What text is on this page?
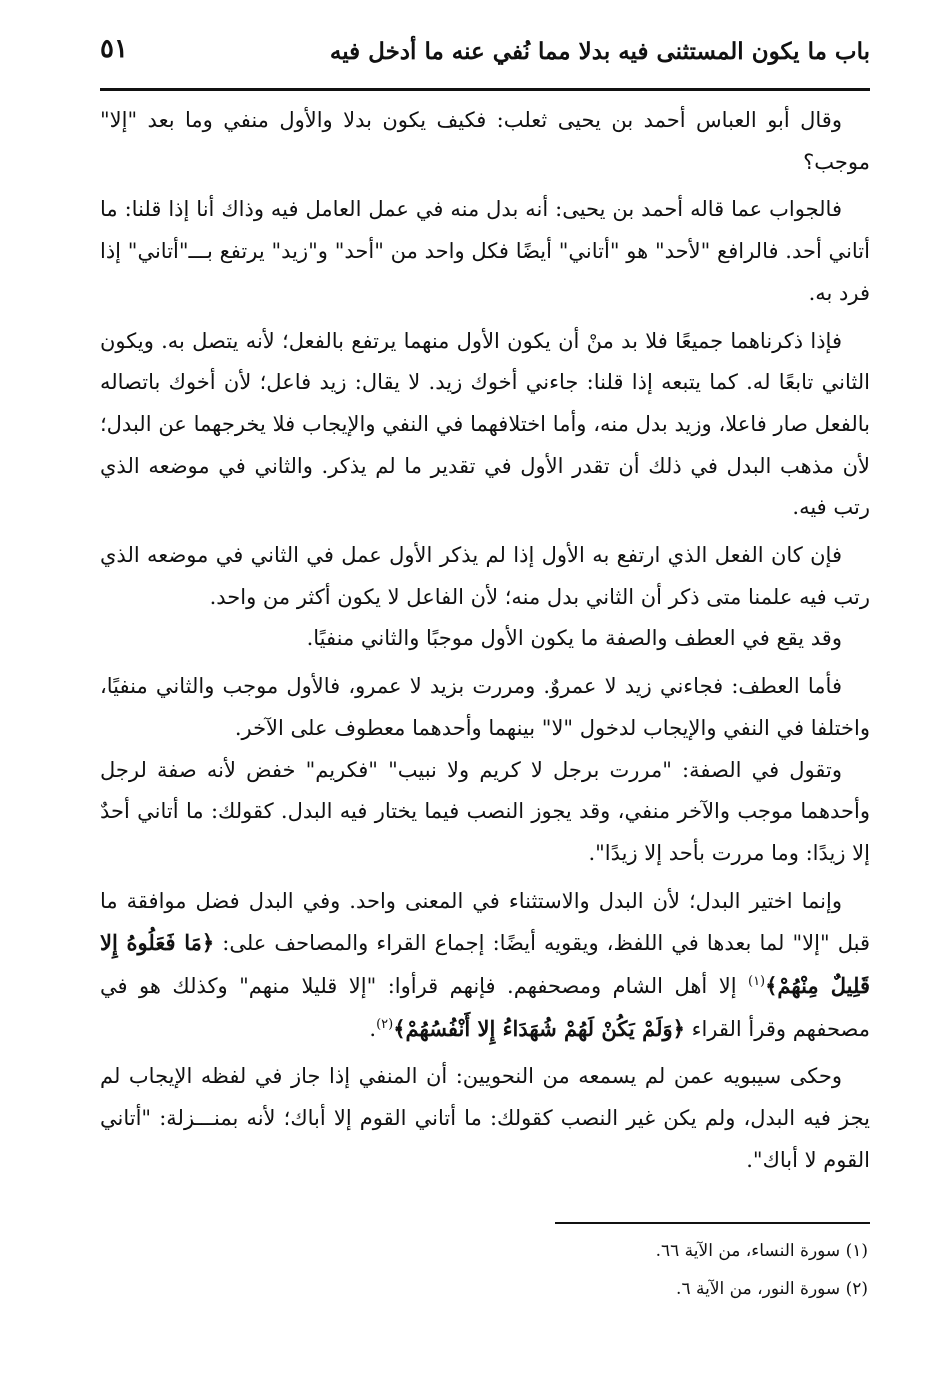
باب ما يكون المستثنى فيه بدلا مما نُفي عنه ما أدخل فيه
٥١

وقال أبو العباس أحمد بن يحيى ثعلب: فكيف يكون بدلا والأول منفي وما بعد "إلا" موجب؟

فالجواب عما قاله أحمد بن يحيى: أنه بدل منه في عمل العامل فيه وذاك أنا إذا قلنا: ما أتاني أحد. فالرافع "لأحد" هو "أتاني" أيضًا فكل واحد من "أحد" و"زيد" يرتفع بـــ"أتاني" إذا فرد به.

فإذا ذكرناهما جميعًا فلا بد منْ أن يكون الأول منهما يرتفع بالفعل؛ لأنه يتصل به. ويكون الثاني تابعًا له. كما يتبعه إذا قلنا: جاءني أخوك زيد. لا يقال: زيد فاعل؛ لأن أخوك باتصاله بالفعل صار فاعلا، وزيد بدل منه، وأما اختلافهما في النفي والإيجاب فلا يخرجهما عن البدل؛ لأن مذهب البدل في ذلك أن تقدر الأول في تقدير ما لم يذكر. والثاني في موضعه الذي رتب فيه.

فإن كان الفعل الذي ارتفع به الأول إذا لم يذكر الأول عمل في الثاني في موضعه الذي رتب فيه علمنا متى ذكر أن الثاني بدل منه؛ لأن الفاعل لا يكون أكثر من واحد.

وقد يقع في العطف والصفة ما يكون الأول موجبًا والثاني منفيًا.

فأما العطف: فجاءني زيد لا عمروٌ. ومررت بزيد لا عمرو، فالأول موجب والثاني منفيًا، واختلفا في النفي والإيجاب لدخول "لا" بينهما وأحدهما معطوف على الآخر.

وتقول في الصفة: "مررت برجل لا كريم ولا نبيب" "فكريم" خفض لأنه صفة لرجل وأحدهما موجب والآخر منفي، وقد يجوز النصب فيما يختار فيه البدل. كقولك: ما أتاني أحدٌ إلا زيدًا: وما مررت بأحد إلا زيدًا".

وإنما اختير البدل؛ لأن البدل والاستثناء في المعنى واحد. وفي البدل فضل موافقة ما قبل "إلا" لما بعدها في اللفظ، ويقويه أيضًا: إجماع القراء والمصاحف على: ﴿مَا فَعَلُوهُ إِلا قَلِيلٌ مِنْهُمْ﴾$^{(١)}$ إلا أهل الشام ومصحفهم. فإنهم قرأوا: "إلا قليلا منهم" وكذلك هو في مصحفهم وقرأ القراء ﴿وَلَمْ يَكُنْ لَهُمْ شُهَدَاءُ إِلا أَنْفُسُهُمْ﴾$^{(٢)}$.

وحكى سيبويه عمن لم يسمعه من النحويين: أن المنفي إذا جاز في لفظه الإيجاب لم يجز فيه البدل، ولم يكن غير النصب كقولك: ما أتاني القوم إلا أباك؛ لأنه بمنـــزلة: "أتاني القوم لا أباك".

(١) سورة النساء، من الآية ٦٦.

(٢) سورة النور، من الآية ٦.
